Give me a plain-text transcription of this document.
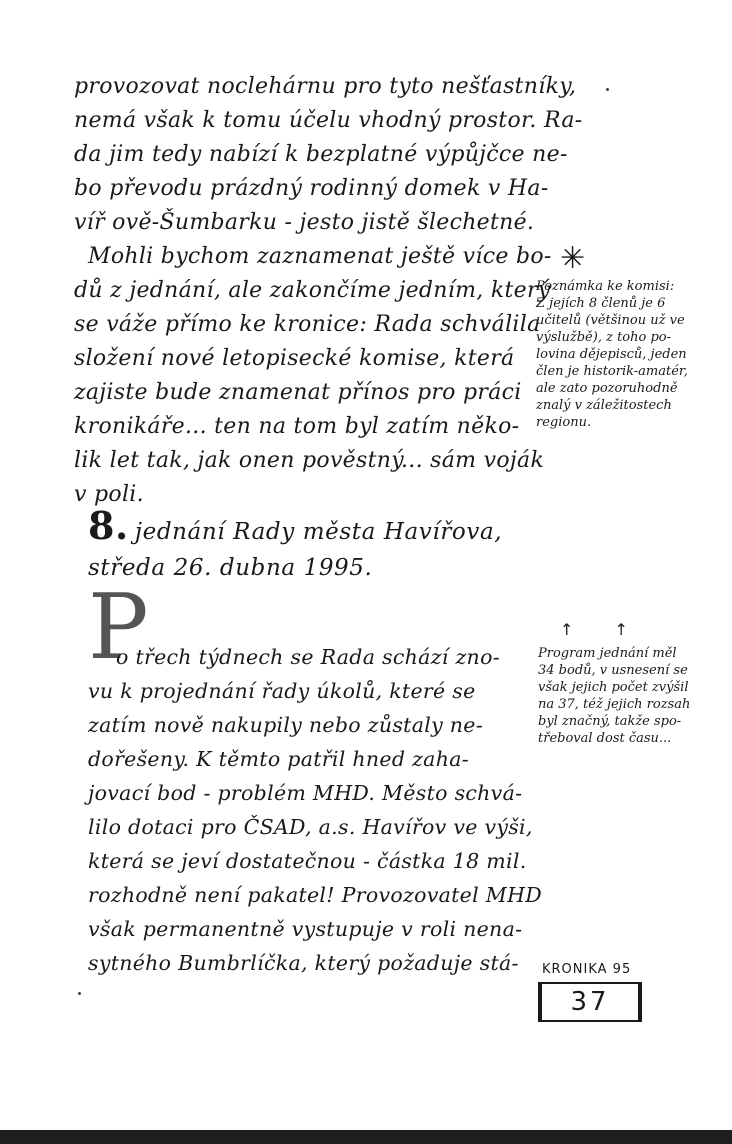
provozovat noclehárnu pro tyto nešťastníky,
nemá však k tomu účelu vhodný prostor. Ra-
da jim tedy nabízí k bezplatné výpůjčce ne-
bo převodu prázdný rodinný domek v Ha-
víř ově-Šumbarku - jesto jistě šlechetné.
Mohli bychom zaznamenat ještě více bo-
dů z jednání, ale zakončíme jedním, který
se váže přímo ke kronice: Rada schválila
složení nové letopisecké komise, která
zajiste bude znamenat přínos pro práci
kronikáře... ten na tom byl zatím něko-
lik let tak, jak onen pověstný... sám voják
v poli.
✳
Poznámka ke komisi:
Z jejích 8 členů je 6
učitelů (většinou už ve
výslužbě), z toho po-
lovina dějepisců, jeden
člen je historik-amatér,
ale zato pozoruhodně
znalý v záležitostech
regionu.
8. jednání Rady města Havířova,
středa 26. dubna 1995.
P
o třech týdnech se Rada schází zno-
vu k projednání řady úkolů, které se
zatím nově nakupily nebo zůstaly ne-
dořešeny. K těmto patřil hned zaha-
jovací bod - problém MHD. Město schvá-
lilo dotaci pro ČSAD, a.s. Havířov ve výši,
která se jeví dostatečnou - částka 18 mil.
rozhodně není pakatel! Provozovatel MHD
však permanentně vystupuje v roli nena-
sytného Bumbrlíčka, který požaduje stá-
↑ ↑
Program jednání měl
34 bodů, v usnesení se
však jejich počet zvýšil
na 37, též jejich rozsah
byl značný, takže spo-
třeboval dost času...
KRONIKA 95
37
